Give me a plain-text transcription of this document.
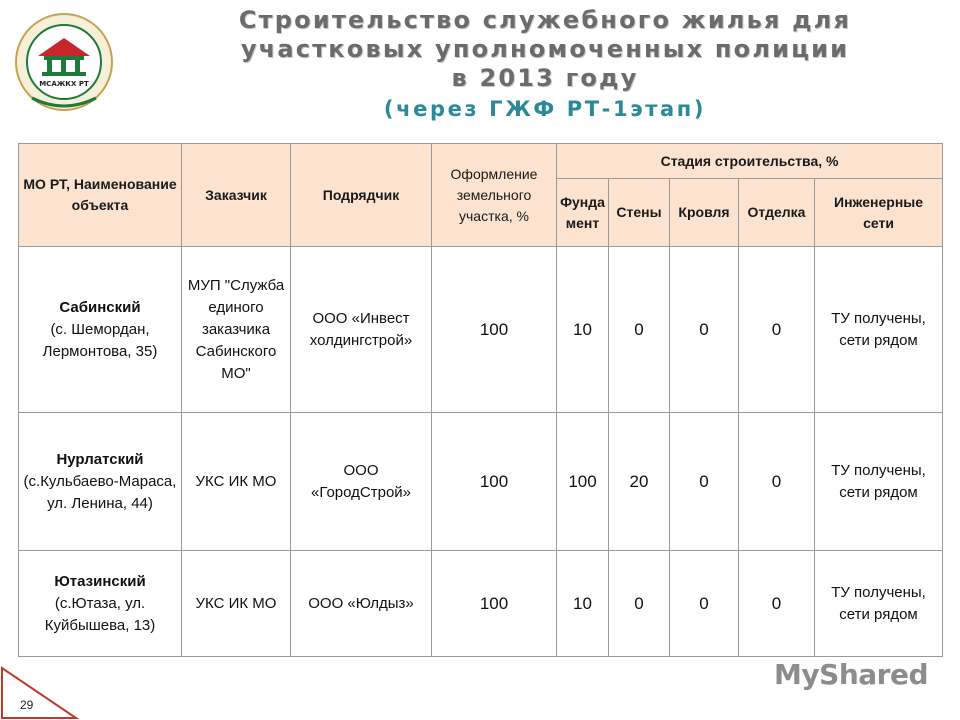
МСАЖКХ РТ
Строительство служебного жилья для
участковых уполномоченных полиции
в 2013 году
(через ГЖФ РТ-1этап)
МО РТ, Наименование объекта	Заказчик	Подрядчик	Оформление земельного участка, %	Стадия строительства, %				
				Фунда мент	Стены	Кровля	Отделка	Инженерные сети
Сабинский
(с. Шемордан, Лермонтова, 35)	МУП "Служба единого заказчика Сабинского МО"	ООО «Инвест холдингстрой»	100	10	0	0	0	ТУ получены, сети рядом
Нурлатский
(с.Кульбаево-Мараса, ул. Ленина, 44)	УКС ИК МО	ООО «ГородСтрой»	100	100	20	0	0	ТУ получены, сети рядом
Ютазинский
(с.Ютаза, ул. Куйбышева, 13)	УКС ИК МО	ООО «Юлдыз»	100	10	0	0	0	ТУ получены, сети рядом
29
MyShared
